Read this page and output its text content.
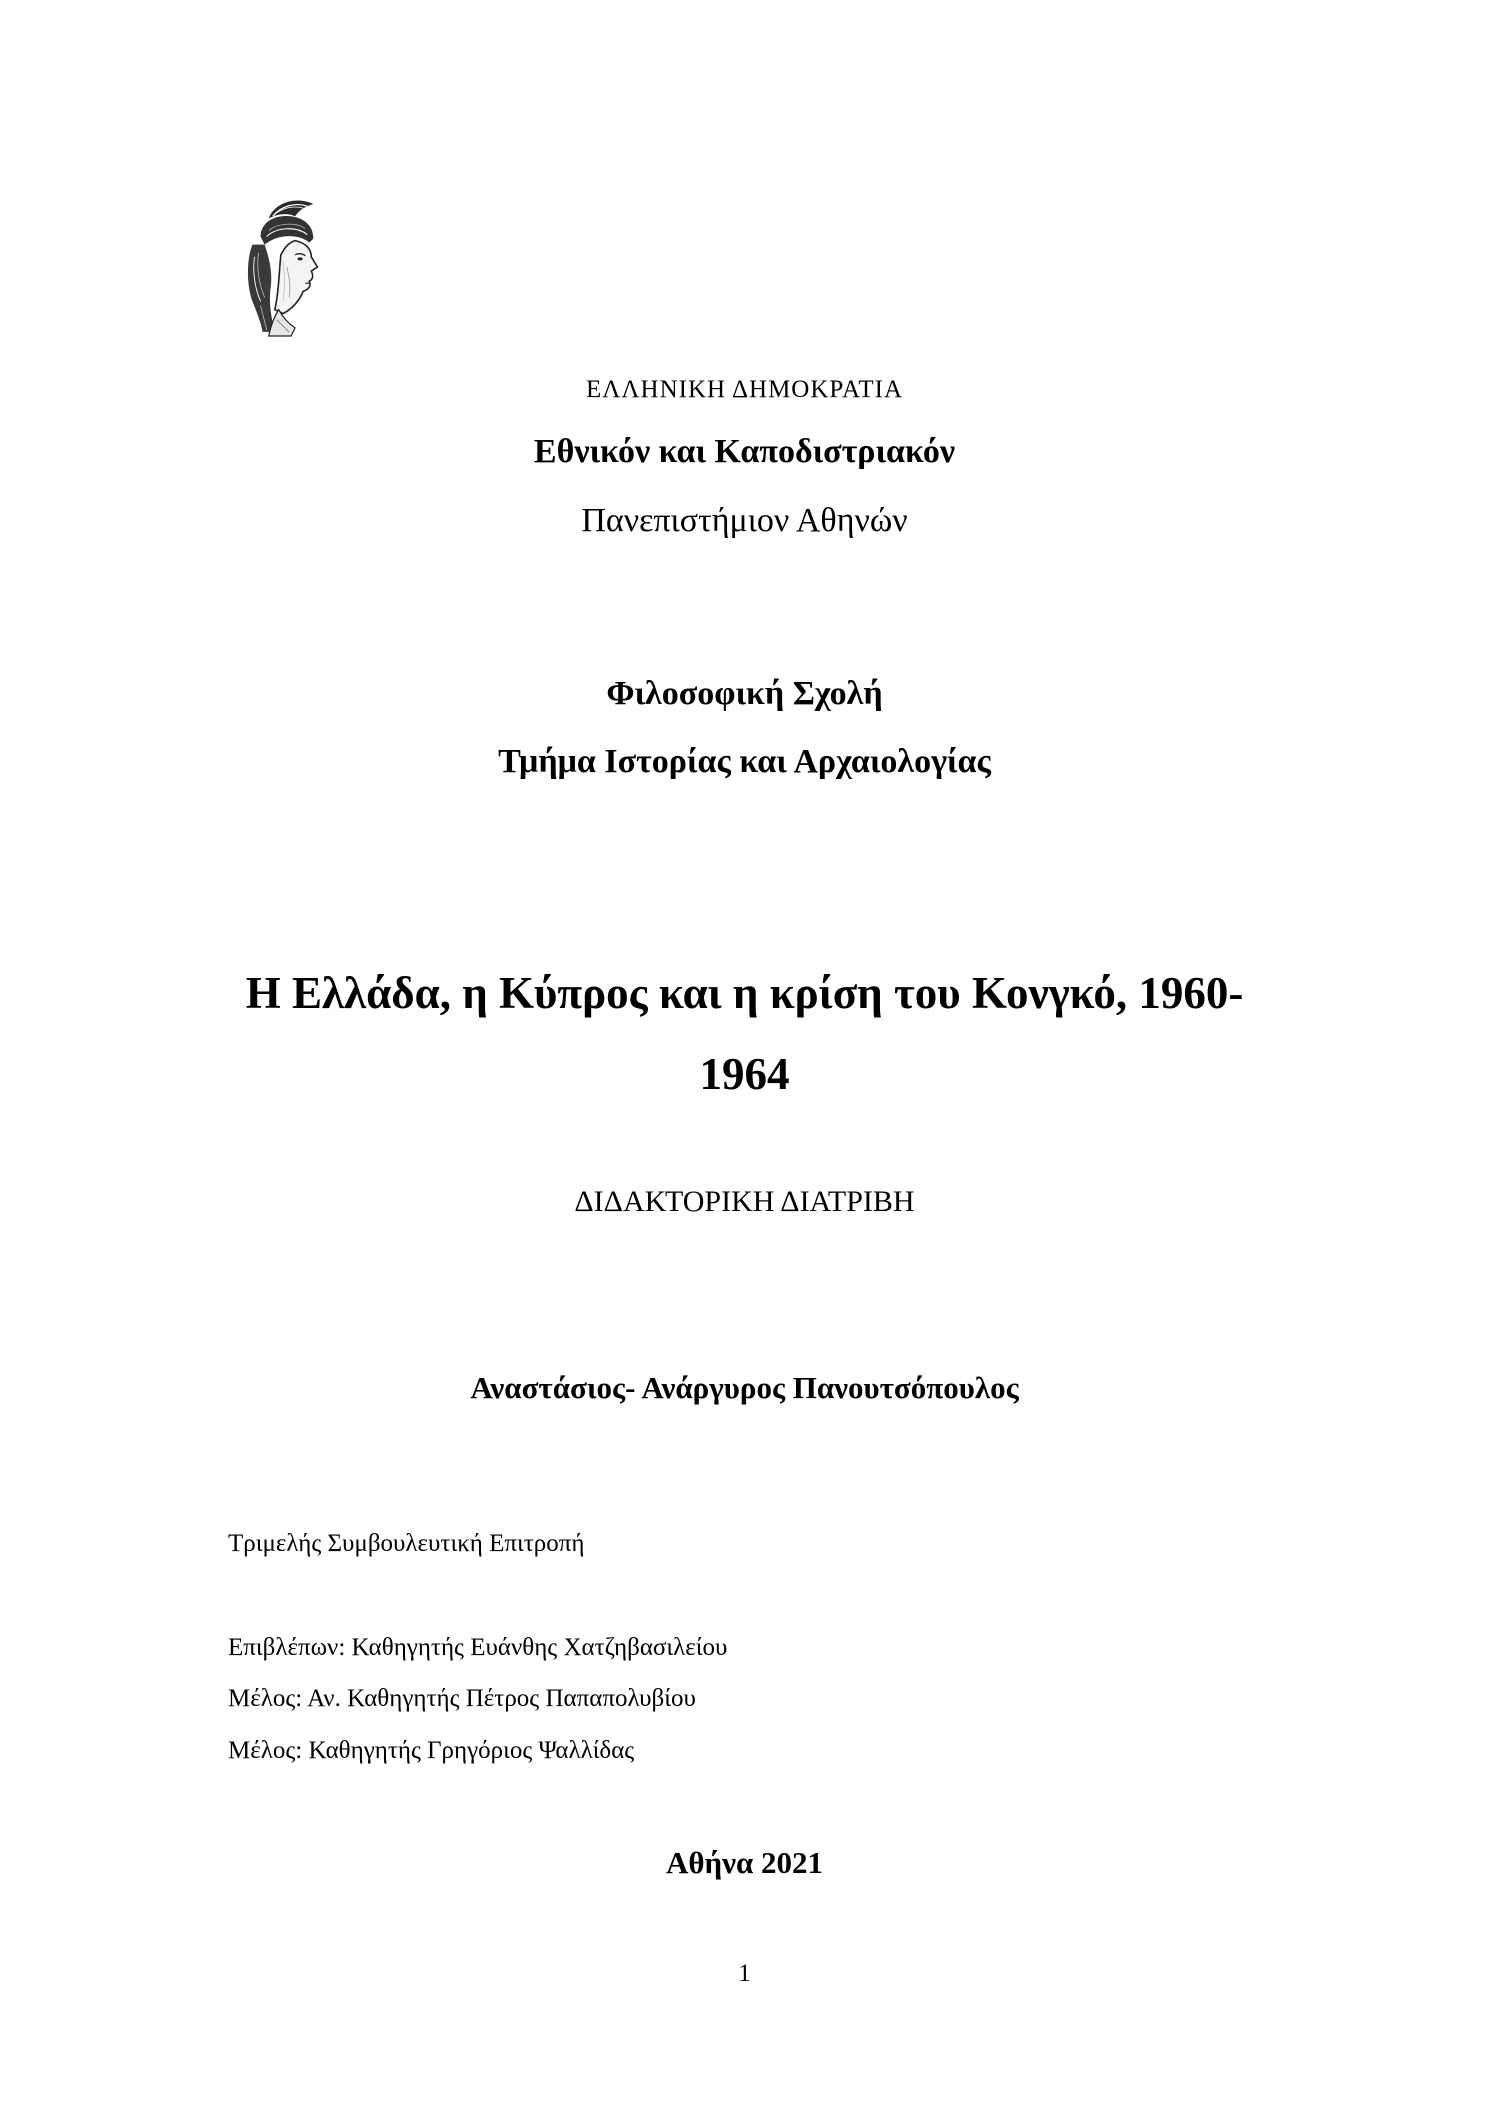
ΕΛΛΗΝΙΚΗ ΔΗΜΟΚΡΑΤΙΑ
Εθνικόν και Καποδιστριακόν
Πανεπιστήμιον Αθηνών
Φιλοσοφική Σχολή
Τμήμα Ιστορίας και Αρχαιολογίας
Η Ελλάδα, η Κύπρος και η κρίση του Κονγκό, 1960-
1964
ΔΙΔΑΚΤΟΡΙΚΗ ΔΙΑΤΡΙΒΗ
Αναστάσιος- Ανάργυρος Πανουτσόπουλος
Τριμελής Συμβουλευτική Επιτροπή
Επιβλέπων: Καθηγητής Ευάνθης Χατζηβασιλείου
Μέλος: Αν. Καθηγητής Πέτρος Παπαπολυβίου
Μέλος: Καθηγητής Γρηγόριος Ψαλλίδας
Αθήνα 2021
1
